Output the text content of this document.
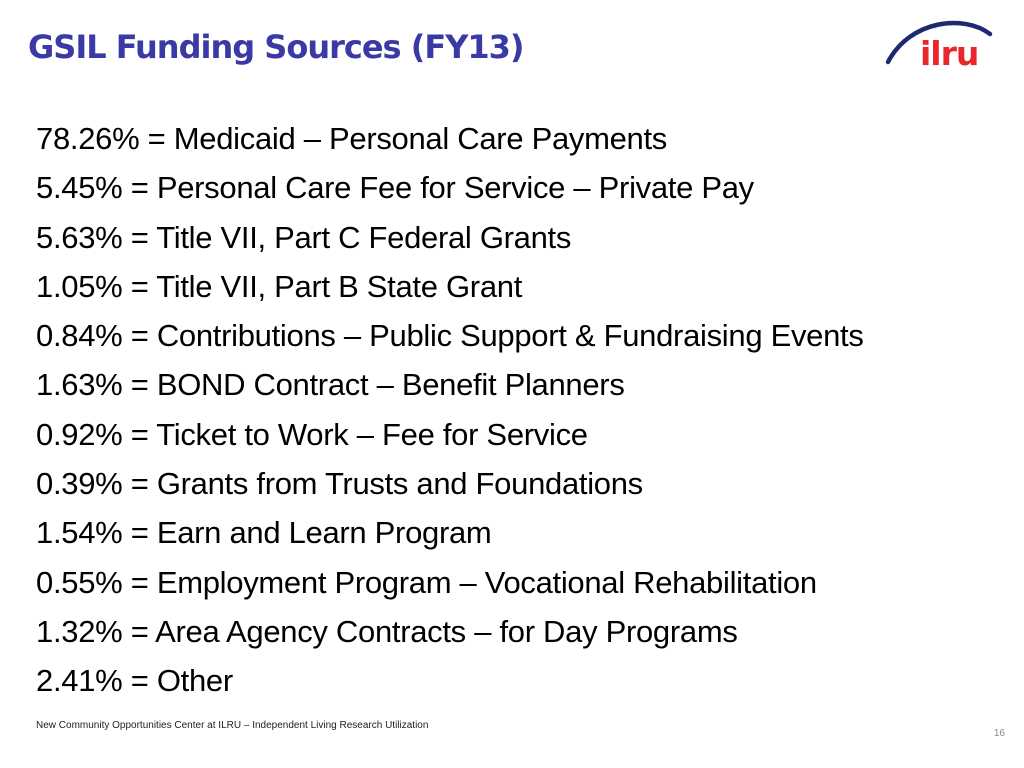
GSIL Funding Sources (FY13)	ilru
78.26% = Medicaid – Personal Care Payments
5.45% = Personal Care Fee for Service – Private Pay
5.63% = Title VII, Part C Federal Grants
1.05% = Title VII, Part B State Grant
0.84% = Contributions – Public Support & Fundraising Events
1.63% = BOND Contract – Benefit Planners
0.92% = Ticket to Work – Fee for Service
0.39% = Grants from Trusts and Foundations
1.54% = Earn and Learn Program
0.55% = Employment Program – Vocational Rehabilitation
1.32% = Area Agency Contracts – for Day Programs
2.41% = Other
New Community Opportunities Center at ILRU – Independent Living Research Utilization
16
